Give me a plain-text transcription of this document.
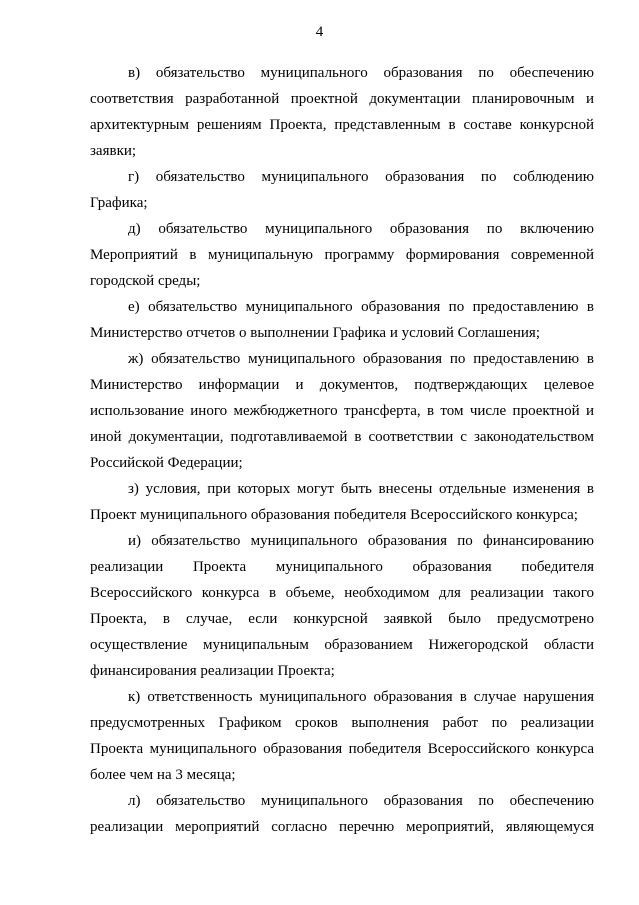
4
в) обязательство муниципального образования по обеспечению
соответствия разработанной проектной документации планировочным и
архитектурным решениям Проекта, представленным в составе конкурсной
заявки;
г) обязательство муниципального образования по соблюдению
Графика;
д) обязательство муниципального образования по включению
Мероприятий в муниципальную программу формирования современной
городской среды;
е) обязательство муниципального образования по предоставлению в
Министерство отчетов о выполнении Графика и условий Соглашения;
ж) обязательство муниципального образования по предоставлению в
Министерство информации и документов, подтверждающих целевое
использование иного межбюджетного трансферта, в том числе проектной и
иной документации, подготавливаемой в соответствии с законодательством
Российской Федерации;
з) условия, при которых могут быть внесены отдельные изменения в
Проект муниципального образования победителя Всероссийского конкурса;
и) обязательство муниципального образования по финансированию
реализации Проекта муниципального образования победителя
Всероссийского конкурса в объеме, необходимом для реализации такого
Проекта, в случае, если конкурсной заявкой было предусмотрено
осуществление муниципальным образованием Нижегородской области
финансирования реализации Проекта;
к) ответственность муниципального образования в случае нарушения
предусмотренных Графиком сроков выполнения работ по реализации
Проекта муниципального образования победителя Всероссийского конкурса
более чем на 3 месяца;
л) обязательство муниципального образования по обеспечению
реализации мероприятий согласно перечню мероприятий, являющемуся
